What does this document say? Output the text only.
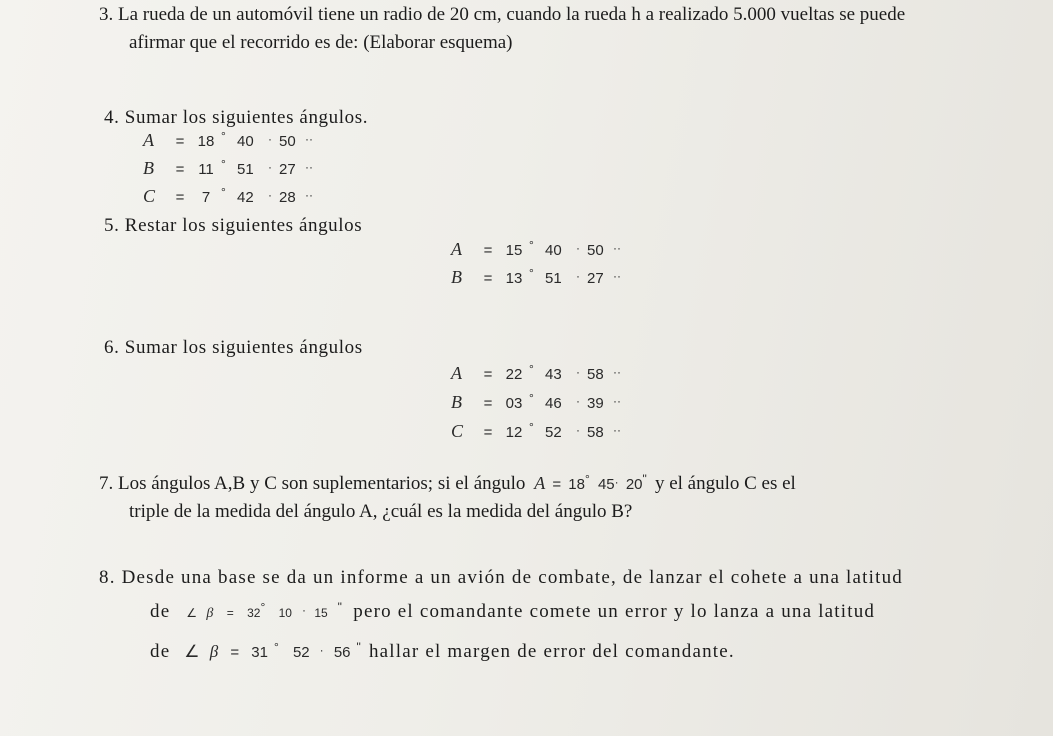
3. La rueda de un automóvil tiene un radio de 20 cm, cuando la rueda h a realizado 5.000 vueltas se puede
afirmar que el recorrido es de: (Elaborar esquema)
4. Sumar los siguientes ángulos.
A = 18 ° 40 · 50 ··
B = 11 ° 51 · 27 ··
C = 7 ° 42 · 28 ··
5. Restar los siguientes ángulos
A = 15 ° 40 · 50 ··
B = 13 ° 51 · 27 ··
6. Sumar los siguientes ángulos
A = 22 ° 43 · 58 ··
B = 03 ° 46 · 39 ··
C = 12 ° 52 · 58 ··
7. Los ángulos A,B y C son suplementarios; si el ángulo A = 18° 45· 20" y el ángulo C es el
triple de la medida del ángulo A, ¿cuál es la medida del ángulo B?
8. Desde una base se da un informe a un avión de combate, de lanzar el cohete a una latitud
de ∠ β = 32° 10 · 15 " pero el comandante comete un error y lo lanza a una latitud
de ∠ β = 31 ° 52 · 56 " hallar el margen de error del comandante.
